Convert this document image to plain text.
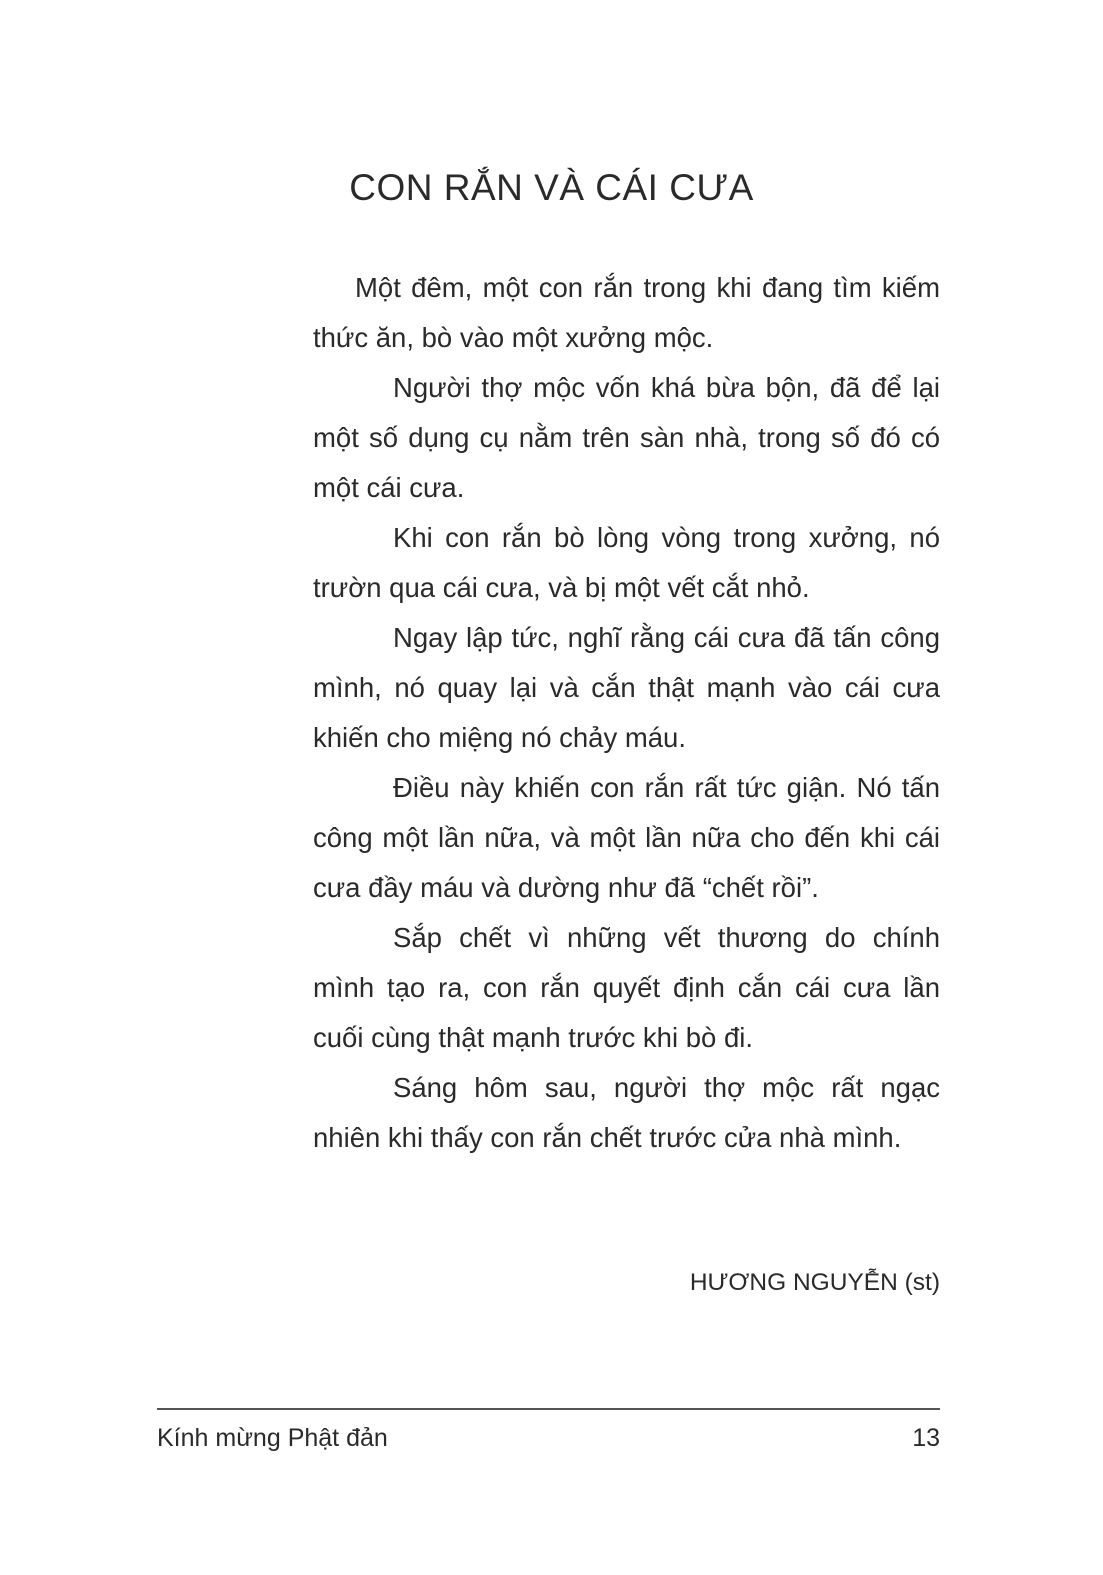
CON RẮN VÀ CÁI CƯA

Một đêm, một con rắn trong khi đang tìm kiếm thức ăn, bò vào một xưởng mộc.

Người thợ mộc vốn khá bừa bộn, đã để lại một số dụng cụ nằm trên sàn nhà, trong số đó có một cái cưa.

Khi con rắn bò lòng vòng trong xưởng, nó trườn qua cái cưa, và bị một vết cắt nhỏ.

Ngay lập tức, nghĩ rằng cái cưa đã tấn công mình, nó quay lại và cắn thật mạnh vào cái cưa khiến cho miệng nó chảy máu.

Điều này khiến con rắn rất tức giận. Nó tấn công một lần nữa, và một lần nữa cho đến khi cái cưa đầy máu và dường như đã “chết rồi”.

Sắp chết vì những vết thương do chính mình tạo ra, con rắn quyết định cắn cái cưa lần cuối cùng thật mạnh trước khi bò đi.

Sáng hôm sau, người thợ mộc rất ngạc nhiên khi thấy con rắn chết trước cửa nhà mình.

HƯƠNG NGUYỄN (st)
Kính mừng Phật đản	13
